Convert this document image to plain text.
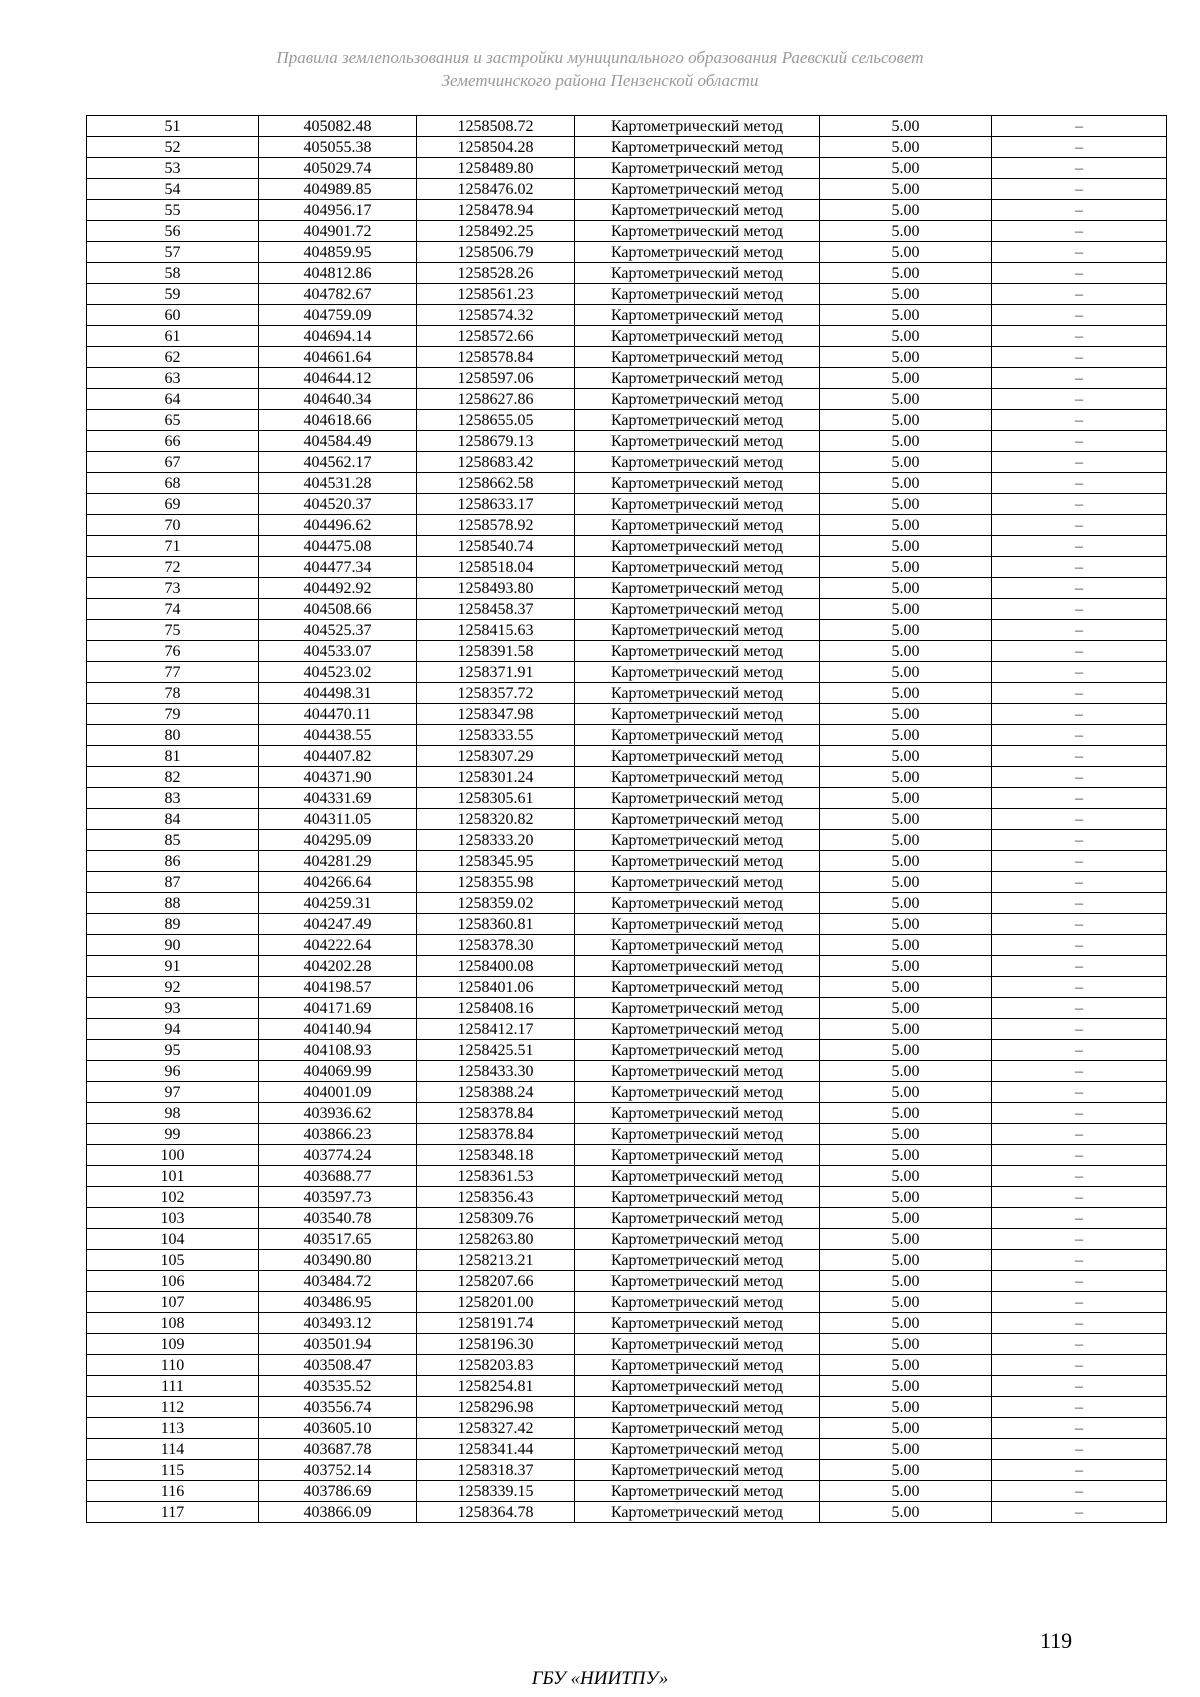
Правила землепользования и застройки муниципального образования Раевский сельсовет
Земетчинского района Пензенской области
51	405082.48	1258508.72	Картометрический метод	5.00	–
52	405055.38	1258504.28	Картометрический метод	5.00	–
53	405029.74	1258489.80	Картометрический метод	5.00	–
54	404989.85	1258476.02	Картометрический метод	5.00	–
55	404956.17	1258478.94	Картометрический метод	5.00	–
56	404901.72	1258492.25	Картометрический метод	5.00	–
57	404859.95	1258506.79	Картометрический метод	5.00	–
58	404812.86	1258528.26	Картометрический метод	5.00	–
59	404782.67	1258561.23	Картометрический метод	5.00	–
60	404759.09	1258574.32	Картометрический метод	5.00	–
61	404694.14	1258572.66	Картометрический метод	5.00	–
62	404661.64	1258578.84	Картометрический метод	5.00	–
63	404644.12	1258597.06	Картометрический метод	5.00	–
64	404640.34	1258627.86	Картометрический метод	5.00	–
65	404618.66	1258655.05	Картометрический метод	5.00	–
66	404584.49	1258679.13	Картометрический метод	5.00	–
67	404562.17	1258683.42	Картометрический метод	5.00	–
68	404531.28	1258662.58	Картометрический метод	5.00	–
69	404520.37	1258633.17	Картометрический метод	5.00	–
70	404496.62	1258578.92	Картометрический метод	5.00	–
71	404475.08	1258540.74	Картометрический метод	5.00	–
72	404477.34	1258518.04	Картометрический метод	5.00	–
73	404492.92	1258493.80	Картометрический метод	5.00	–
74	404508.66	1258458.37	Картометрический метод	5.00	–
75	404525.37	1258415.63	Картометрический метод	5.00	–
76	404533.07	1258391.58	Картометрический метод	5.00	–
77	404523.02	1258371.91	Картометрический метод	5.00	–
78	404498.31	1258357.72	Картометрический метод	5.00	–
79	404470.11	1258347.98	Картометрический метод	5.00	–
80	404438.55	1258333.55	Картометрический метод	5.00	–
81	404407.82	1258307.29	Картометрический метод	5.00	–
82	404371.90	1258301.24	Картометрический метод	5.00	–
83	404331.69	1258305.61	Картометрический метод	5.00	–
84	404311.05	1258320.82	Картометрический метод	5.00	–
85	404295.09	1258333.20	Картометрический метод	5.00	–
86	404281.29	1258345.95	Картометрический метод	5.00	–
87	404266.64	1258355.98	Картометрический метод	5.00	–
88	404259.31	1258359.02	Картометрический метод	5.00	–
89	404247.49	1258360.81	Картометрический метод	5.00	–
90	404222.64	1258378.30	Картометрический метод	5.00	–
91	404202.28	1258400.08	Картометрический метод	5.00	–
92	404198.57	1258401.06	Картометрический метод	5.00	–
93	404171.69	1258408.16	Картометрический метод	5.00	–
94	404140.94	1258412.17	Картометрический метод	5.00	–
95	404108.93	1258425.51	Картометрический метод	5.00	–
96	404069.99	1258433.30	Картометрический метод	5.00	–
97	404001.09	1258388.24	Картометрический метод	5.00	–
98	403936.62	1258378.84	Картометрический метод	5.00	–
99	403866.23	1258378.84	Картометрический метод	5.00	–
100	403774.24	1258348.18	Картометрический метод	5.00	–
101	403688.77	1258361.53	Картометрический метод	5.00	–
102	403597.73	1258356.43	Картометрический метод	5.00	–
103	403540.78	1258309.76	Картометрический метод	5.00	–
104	403517.65	1258263.80	Картометрический метод	5.00	–
105	403490.80	1258213.21	Картометрический метод	5.00	–
106	403484.72	1258207.66	Картометрический метод	5.00	–
107	403486.95	1258201.00	Картометрический метод	5.00	–
108	403493.12	1258191.74	Картометрический метод	5.00	–
109	403501.94	1258196.30	Картометрический метод	5.00	–
110	403508.47	1258203.83	Картометрический метод	5.00	–
111	403535.52	1258254.81	Картометрический метод	5.00	–
112	403556.74	1258296.98	Картометрический метод	5.00	–
113	403605.10	1258327.42	Картометрический метод	5.00	–
114	403687.78	1258341.44	Картометрический метод	5.00	–
115	403752.14	1258318.37	Картометрический метод	5.00	–
116	403786.69	1258339.15	Картометрический метод	5.00	–
117	403866.09	1258364.78	Картометрический метод	5.00	–
119
ГБУ «НИИТПУ»
